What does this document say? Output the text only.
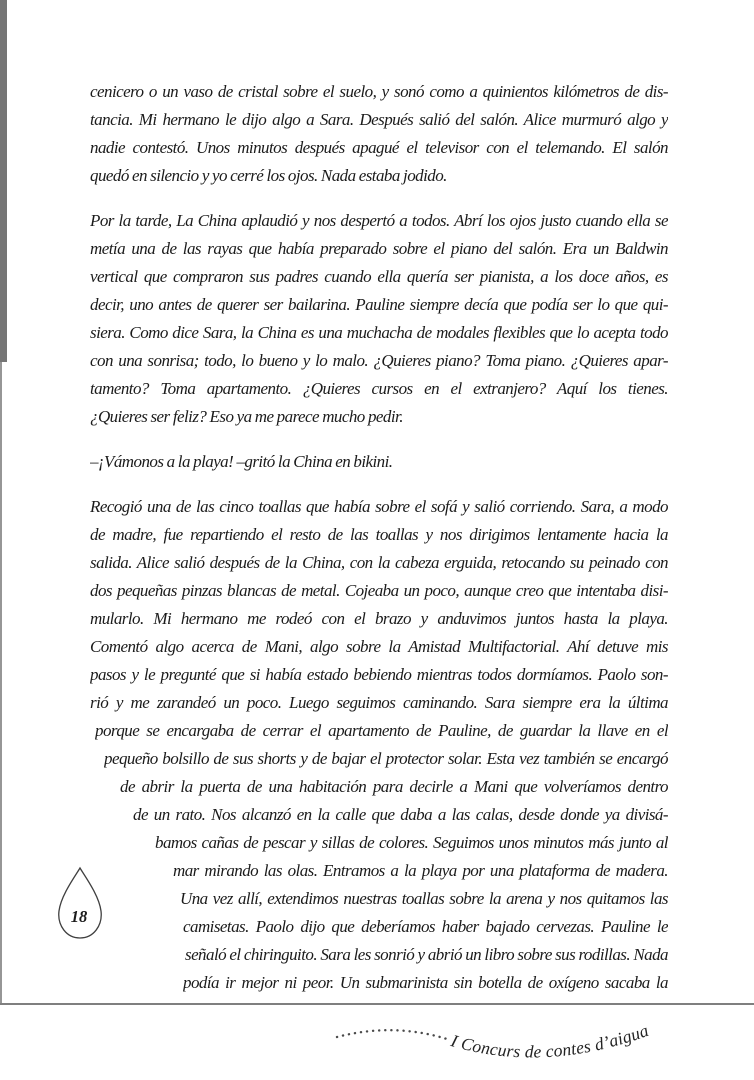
cenicero o un vaso de cristal sobre el suelo, y sonó como a quinientos kilómetros de dis-
tancia. Mi hermano le dijo algo a Sara. Después salió del salón. Alice murmuró algo y
nadie contestó. Unos minutos después apagué el televisor con el telemando. El salón
quedó en silencio y yo cerré los ojos. Nada estaba jodido.
Por la tarde, La China aplaudió y nos despertó a todos. Abrí los ojos justo cuando ella se
metía una de las rayas que había preparado sobre el piano del salón. Era un Baldwin
vertical que compraron sus padres cuando ella quería ser pianista, a los doce años, es
decir, uno antes de querer ser bailarina. Pauline siempre decía que podía ser lo que qui-
siera. Como dice Sara, la China es una muchacha de modales flexibles que lo acepta todo
con una sonrisa; todo, lo bueno y lo malo. ¿Quieres piano? Toma piano. ¿Quieres apar-
tamento? Toma apartamento. ¿Quieres cursos en el extranjero? Aquí los tienes.
¿Quieres ser feliz? Eso ya me parece mucho pedir.
–¡Vámonos a la playa! –gritó la China en bikini.
Recogió una de las cinco toallas que había sobre el sofá y salió corriendo. Sara, a modo
de madre, fue repartiendo el resto de las toallas y nos dirigimos lentamente hacia la
salida. Alice salió después de la China, con la cabeza erguida, retocando su peinado con
dos pequeñas pinzas blancas de metal. Cojeaba un poco, aunque creo que intentaba disi-
mularlo. Mi hermano me rodeó con el brazo y anduvimos juntos hasta la playa.
Comentó algo acerca de Mani, algo sobre la Amistad Multifactorial. Ahí detuve mis
pasos y le pregunté que si había estado bebiendo mientras todos dormíamos. Paolo son-
rió y me zarandeó un poco. Luego seguimos caminando. Sara siempre era la última
porque se encargaba de cerrar el apartamento de Pauline, de guardar la llave en el
pequeño bolsillo de sus shorts y de bajar el protector solar. Esta vez también se encargó
de abrir la puerta de una habitación para decirle a Mani que volveríamos dentro
de un rato. Nos alcanzó en la calle que daba a las calas, desde donde ya divisá-
bamos cañas de pescar y sillas de colores. Seguimos unos minutos más junto al
mar mirando las olas. Entramos a la playa por una plataforma de madera.
Una vez allí, extendimos nuestras toallas sobre la arena y nos quitamos las
camisetas. Paolo dijo que deberíamos haber bajado cervezas. Pauline le
señaló el chiringuito. Sara les sonrió y abrió un libro sobre sus rodillas. Nada
podía ir mejor ni peor. Un submarinista sin botella de oxígeno sacaba la
18
I Concurs de contes d’aigua
